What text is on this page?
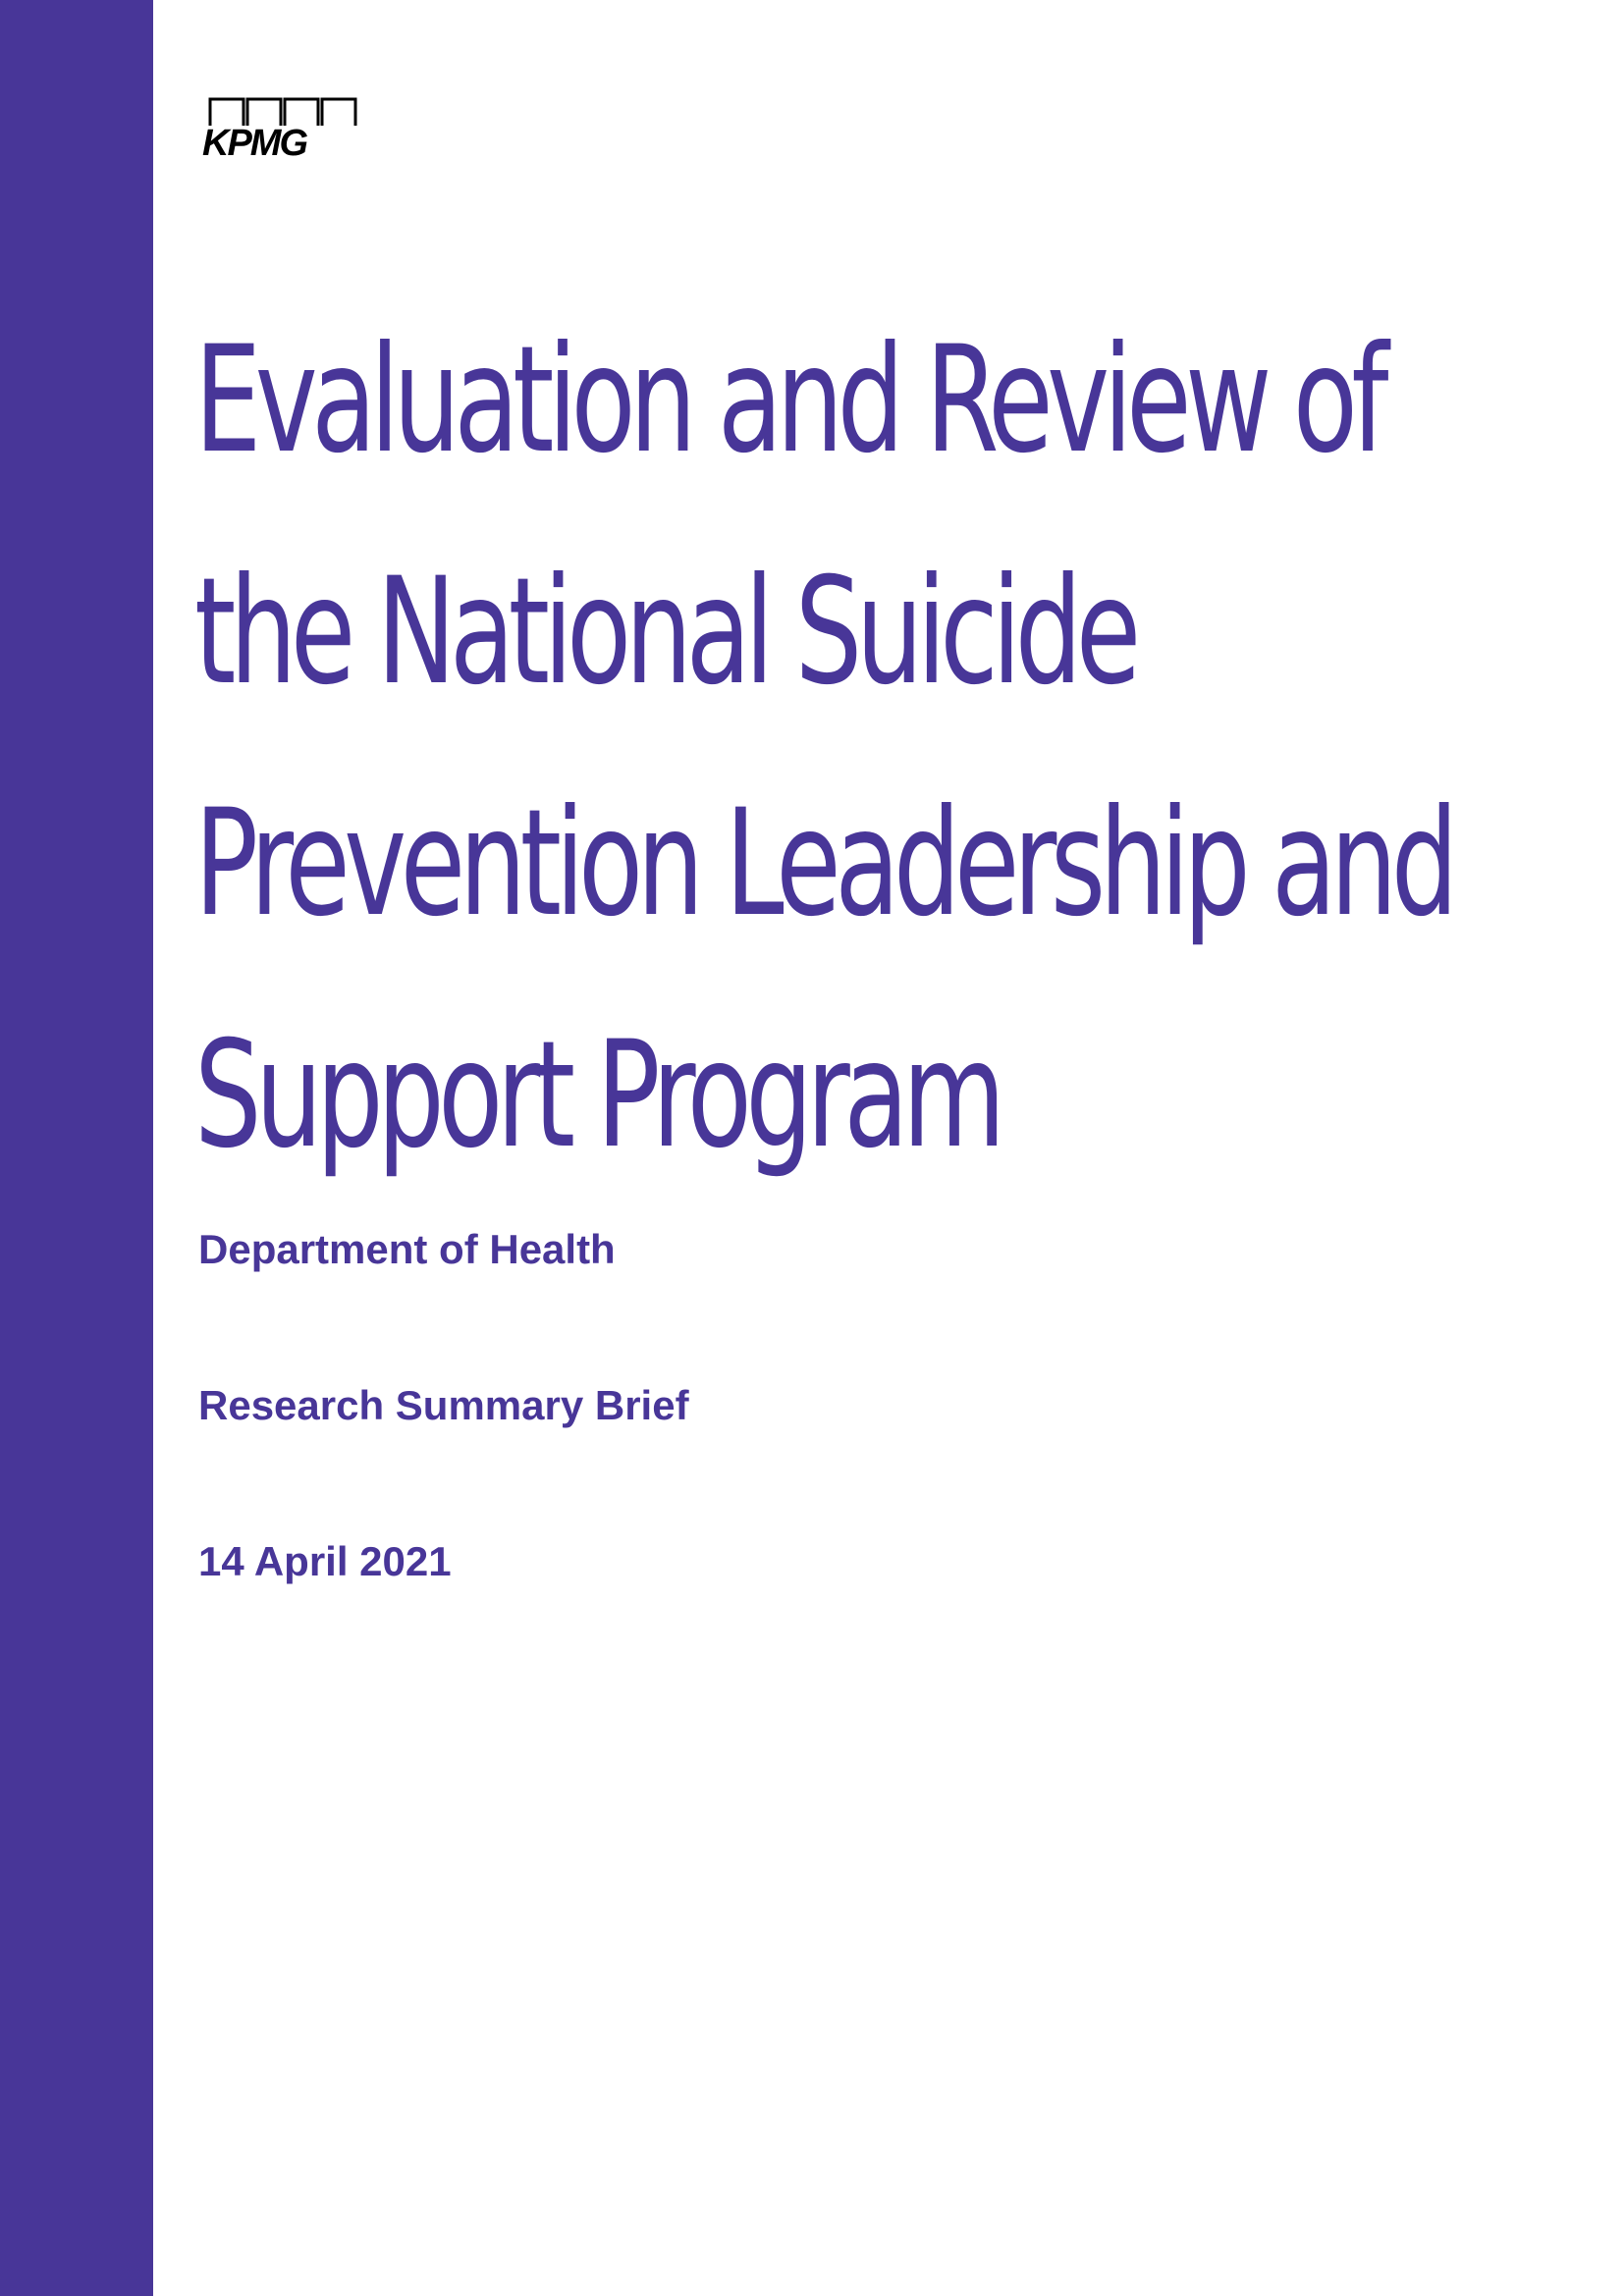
KPMG
Evaluation and Review of
the National Suicide
Prevention Leadership and
Support Program

Department of Health

Research Summary Brief

14 April 2021
